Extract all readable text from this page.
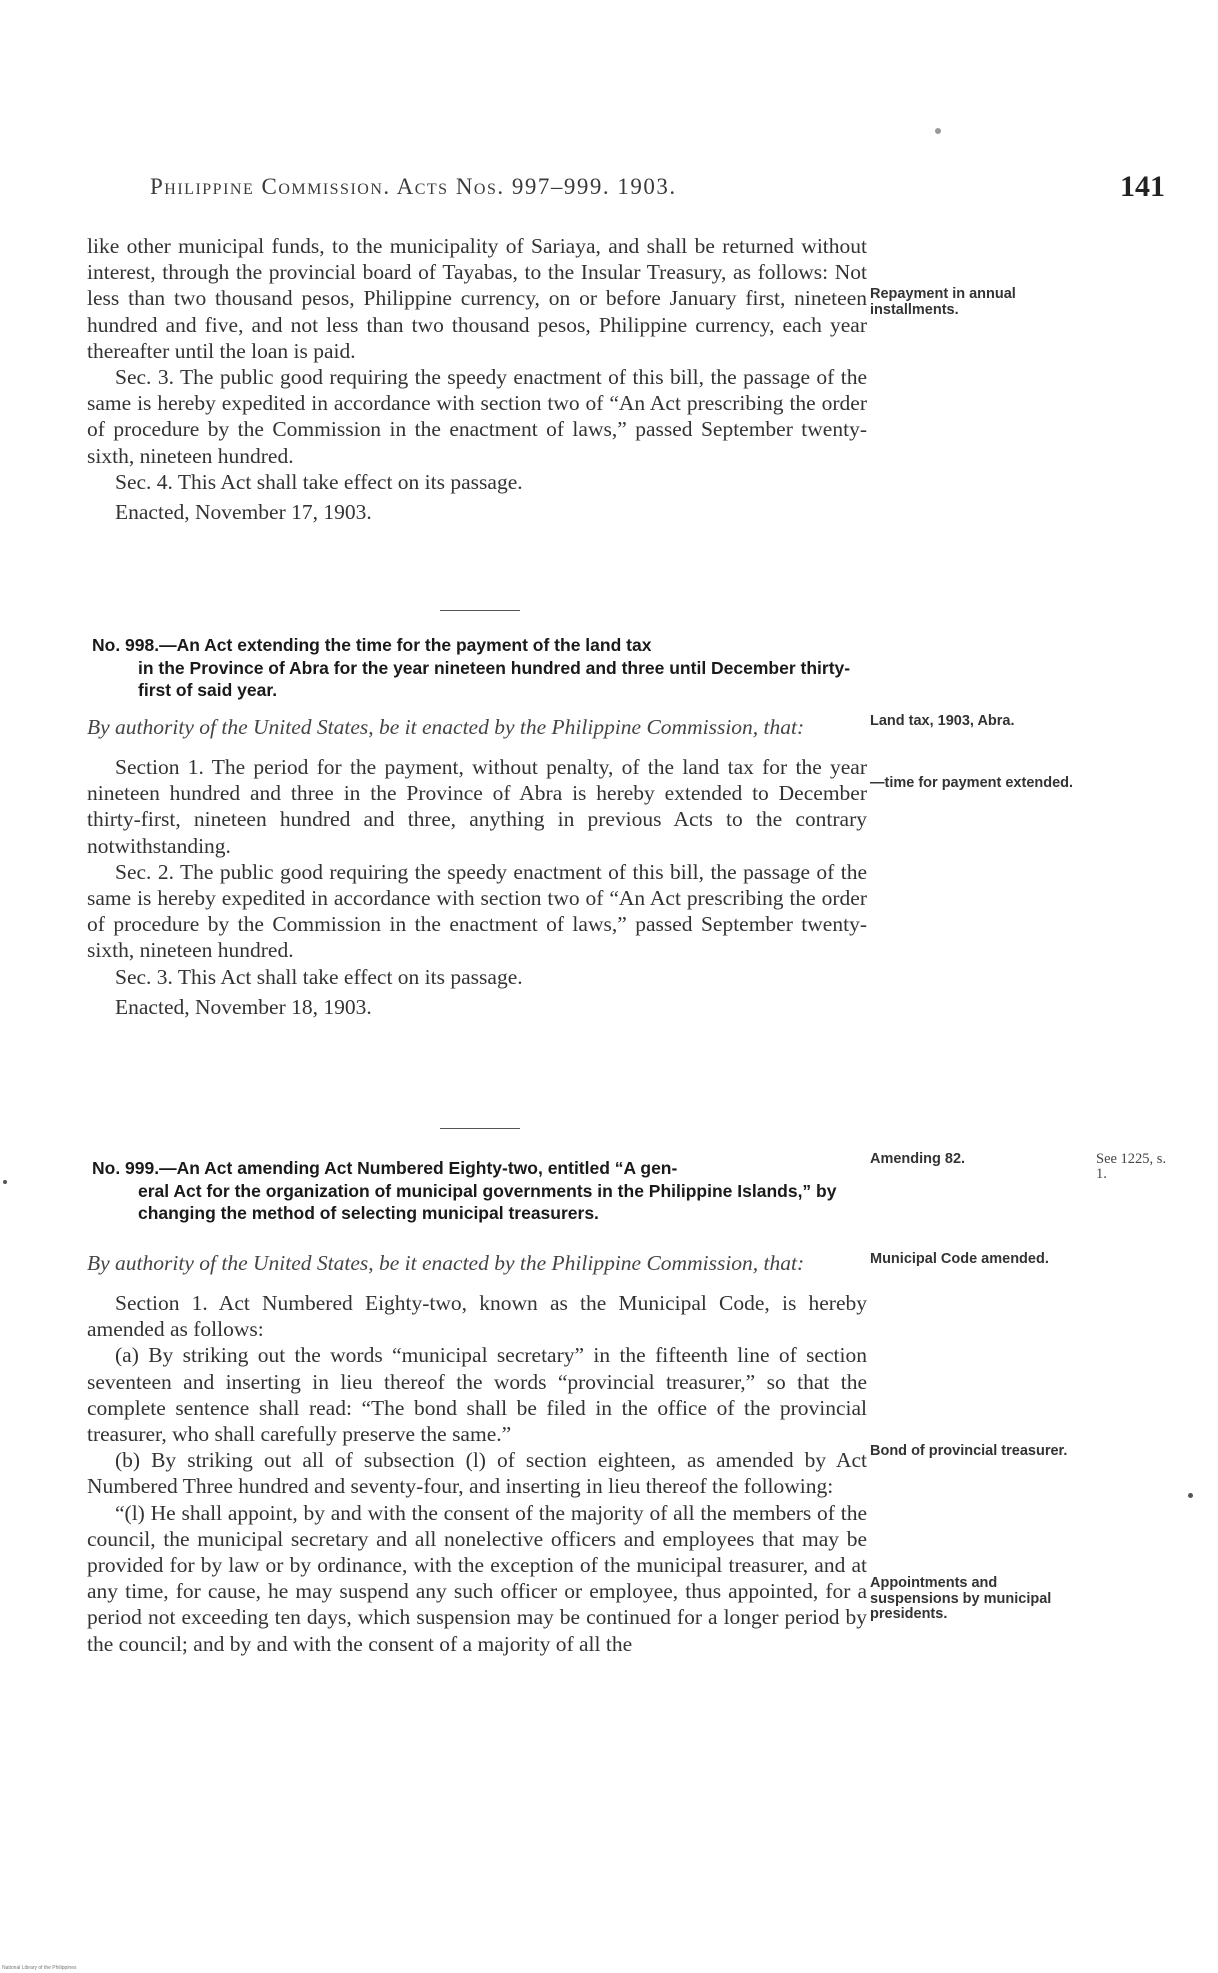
Philippine Commission. Acts Nos. 997–999. 1903.	141

like other municipal funds, to the municipality of Sariaya, and shall be returned without interest, through the provincial board of Tayabas, to the Insular Treasury, as follows: Not less than two thousand pesos, Philippine currency, on or before January first, nineteen hundred and five, and not less than two thousand pesos, Philippine currency, each year thereafter until the loan is paid.

Sec. 3. The public good requiring the speedy enactment of this bill, the passage of the same is hereby expedited in accordance with section two of “An Act prescribing the order of procedure by the Commission in the enactment of laws,” passed September twenty-sixth, nineteen hundred.

Sec. 4. This Act shall take effect on its passage.

Enacted, November 17, 1903.

Repayment in annual installments.
No. 998.—An Act extending the time for the payment of the land tax
in the Province of Abra for the year nineteen hundred and three until December thirty-first of said year.

By authority of the United States, be it enacted by the Philippine Commission, that:

Section 1. The period for the payment, without penalty, of the land tax for the year nineteen hundred and three in the Province of Abra is hereby extended to December thirty-first, nineteen hundred and three, anything in previous Acts to the contrary notwithstanding.

Sec. 2. The public good requiring the speedy enactment of this bill, the passage of the same is hereby expedited in accordance with section two of “An Act prescribing the order of procedure by the Commission in the enactment of laws,” passed September twenty-sixth, nineteen hundred.

Sec. 3. This Act shall take effect on its passage.

Enacted, November 18, 1903.

Land tax, 1903, Abra.
—time for payment extended.
No. 999.—An Act amending Act Numbered Eighty-two, entitled “A gen-
eral Act for the organization of municipal governments in the Philippine Islands,” by changing the method of selecting municipal treasurers.
Amending 82.	See 1225, s. 1.

By authority of the United States, be it enacted by the Philippine Commission, that:

Section 1. Act Numbered Eighty-two, known as the Municipal Code, is hereby amended as follows:

(a) By striking out the words “municipal secretary” in the fifteenth line of section seventeen and inserting in lieu thereof the words “provincial treasurer,” so that the complete sentence shall read: “The bond shall be filed in the office of the provincial treasurer, who shall carefully preserve the same.”

(b) By striking out all of subsection (l) of section eighteen, as amended by Act Numbered Three hundred and seventy-four, and inserting in lieu thereof the following:

“(l) He shall appoint, by and with the consent of the majority of all the members of the council, the municipal secretary and all nonelective officers and employees that may be provided for by law or by ordinance, with the exception of the municipal treasurer, and at any time, for cause, he may suspend any such officer or employee, thus appointed, for a period not exceeding ten days, which suspension may be continued for a longer period by the council; and by and with the consent of a majority of all the

Municipal Code amended.
Bond of provincial treasurer.
Appointments and suspensions by municipal presidents.
National Library of the Philippines
